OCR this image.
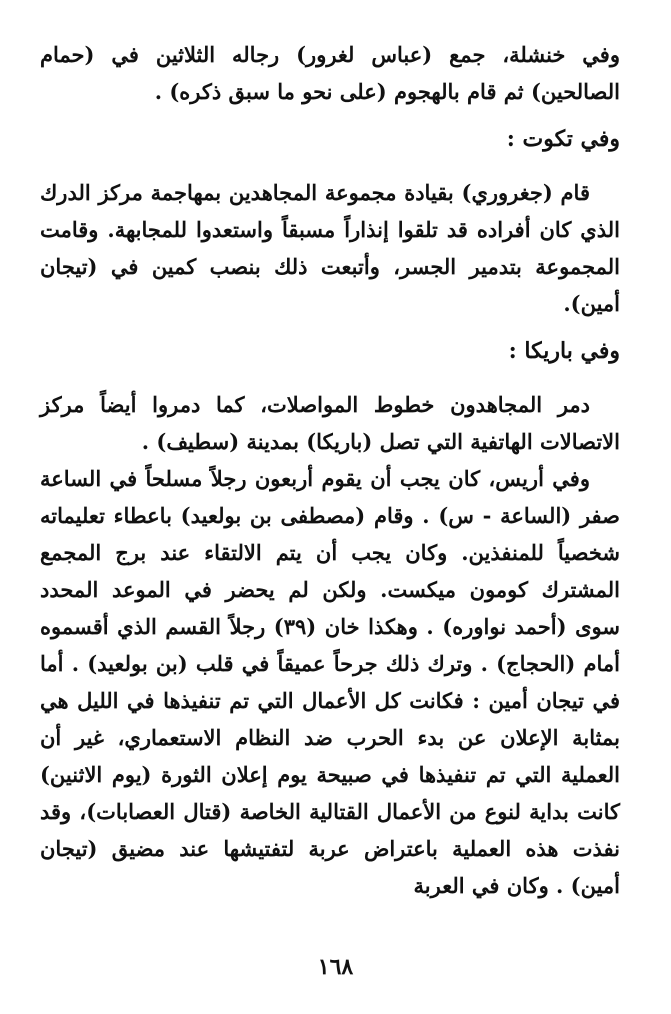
وفي خنشلة، جمع (عباس لغرور) رجاله الثلاثين في (حمام الصالحين) ثم قام بالهجوم (على نحو ما سبق ذكره) .

وفي تكوت :

قام (جغروري) بقيادة مجموعة المجاهدين بمهاجمة مركز الدرك الذي كان أفراده قد تلقوا إنذاراً مسبقاً واستعدوا للمجابهة. وقامت المجموعة بتدمير الجسر، وأتبعت ذلك بنصب كمين في (تيجان أمين).

وفي باريكا :

دمر المجاهدون خطوط المواصلات، كما دمروا أيضاً مركز الاتصالات الهاتفية التي تصل (باريكا) بمدينة (سطيف) .

وفي أريس، كان يجب أن يقوم أربعون رجلاً مسلحاً في الساعة صفر (الساعة - س) . وقام (مصطفى بن بولعيد) باعطاء تعليماته شخصياً للمنفذين. وكان يجب أن يتم الالتقاء عند برج المجمع المشترك كومون ميكست. ولكن لم يحضر في الموعد المحدد سوى (أحمد نواوره) . وهكذا خان (٣٩) رجلاً القسم الذي أقسموه أمام (الحجاج) . وترك ذلك جرحاً عميقاً في قلب (بن بولعيد) . أما في تيجان أمين : فكانت كل الأعمال التي تم تنفيذها في الليل هي بمثابة الإعلان عن بدء الحرب ضد النظام الاستعماري، غير أن العملية التي تم تنفيذها في صبيحة يوم إعلان الثورة (يوم الاثنين) كانت بداية لنوع من الأعمال القتالية الخاصة (قتال العصابات)، وقد نفذت هذه العملية باعتراض عربة لتفتيشها عند مضيق (تيجان أمين) . وكان في العربة

١٦٨
